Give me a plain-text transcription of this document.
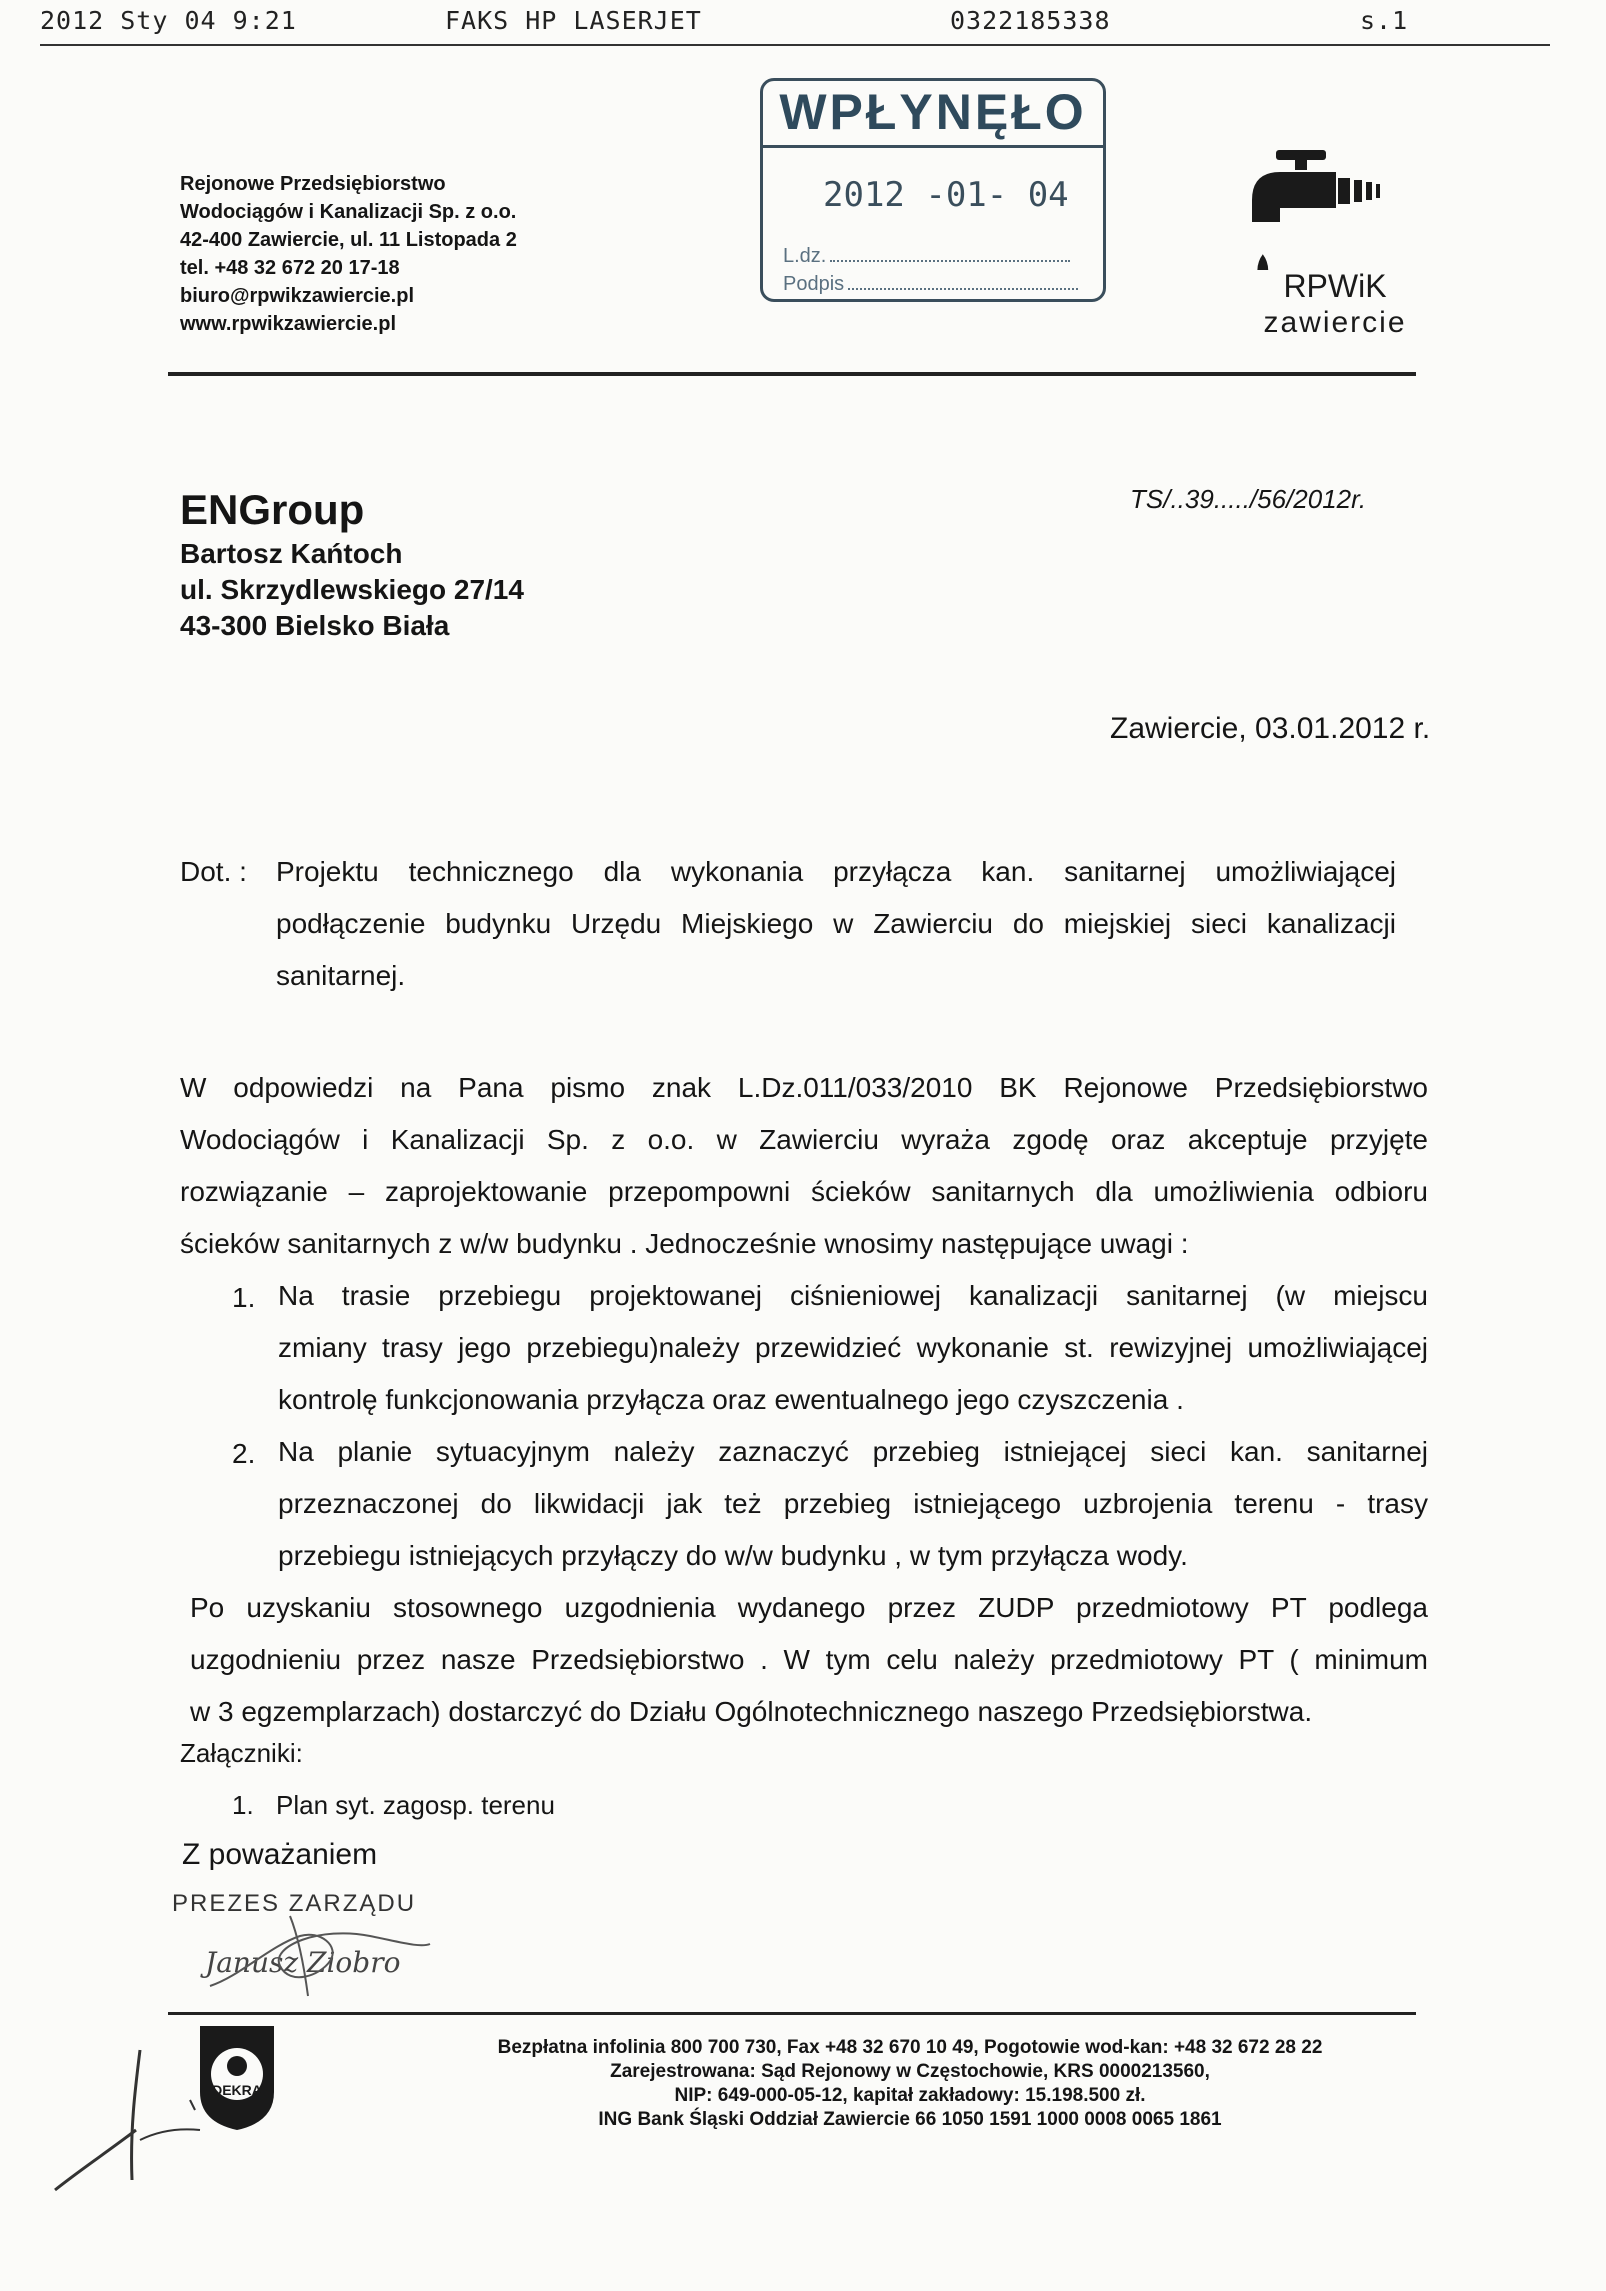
2012 Sty 04 9:21	FAKS HP LASERJET	0322185338	s.1
Rejonowe Przedsiębiorstwo
Wodociągów i Kanalizacji Sp. z o.o.
42-400 Zawiercie, ul. 11 Listopada 2
tel. +48 32 672 20 17-18
biuro@rpwikzawiercie.pl
www.rpwikzawiercie.pl
WPŁYNĘŁO
2012 -01- 04
L.dz.
Podpis	RPWiK
zawiercie
ENGroup
Bartosz Kańtoch
ul. Skrzydlewskiego 27/14
43-300 Bielsko Biała
TS/..39...../56/2012r.
Zawiercie, 03.01.2012 r.
Dot. : Projektu technicznego dla wykonania przyłącza kan. sanitarnej umożliwiającej
podłączenie budynku Urzędu Miejskiego w Zawierciu do miejskiej sieci kanalizacji
sanitarnej.
W odpowiedzi na Pana pismo znak L.Dz.011/033/2010 BK Rejonowe Przedsiębiorstwo
Wodociągów i Kanalizacji Sp. z o.o. w Zawierciu wyraża zgodę oraz akceptuje przyjęte
rozwiązanie – zaprojektowanie przepompowni ścieków sanitarnych dla umożliwienia odbioru
ścieków sanitarnych z w/w budynku . Jednocześnie wnosimy następujące uwagi :
1. Na trasie przebiegu projektowanej ciśnieniowej kanalizacji sanitarnej (w miejscu
zmiany trasy jego przebiegu)należy przewidzieć wykonanie st. rewizyjnej umożliwiającej
kontrolę funkcjonowania przyłącza oraz ewentualnego jego czyszczenia .
2. Na planie sytuacyjnym należy zaznaczyć przebieg istniejącej sieci kan. sanitarnej
przeznaczonej do likwidacji jak też przebieg istniejącego uzbrojenia terenu - trasy
przebiegu istniejących przyłączy do w/w budynku , w tym przyłącza wody.
Po uzyskaniu stosownego uzgodnienia wydanego przez ZUDP przedmiotowy PT podlega
uzgodnieniu przez nasze Przedsiębiorstwo . W tym celu należy przedmiotowy PT ( minimum
w 3 egzemplarzach) dostarczyć do Działu Ogólnotechnicznego naszego Przedsiębiorstwa.
Załączniki:
1. Plan syt. zagosp. terenu
Z poważaniem
PREZES ZARZĄDU
Janusz Ziobro
DEKRA
Bezpłatna infolinia 800 700 730, Fax +48 32 670 10 49, Pogotowie wod-kan: +48 32 672 28 22
Zarejestrowana: Sąd Rejonowy w Częstochowie, KRS 0000213560,
NIP: 649-000-05-12, kapitał zakładowy: 15.198.500 zł.
ING Bank Śląski Oddział Zawiercie 66 1050 1591 1000 0008 0065 1861
